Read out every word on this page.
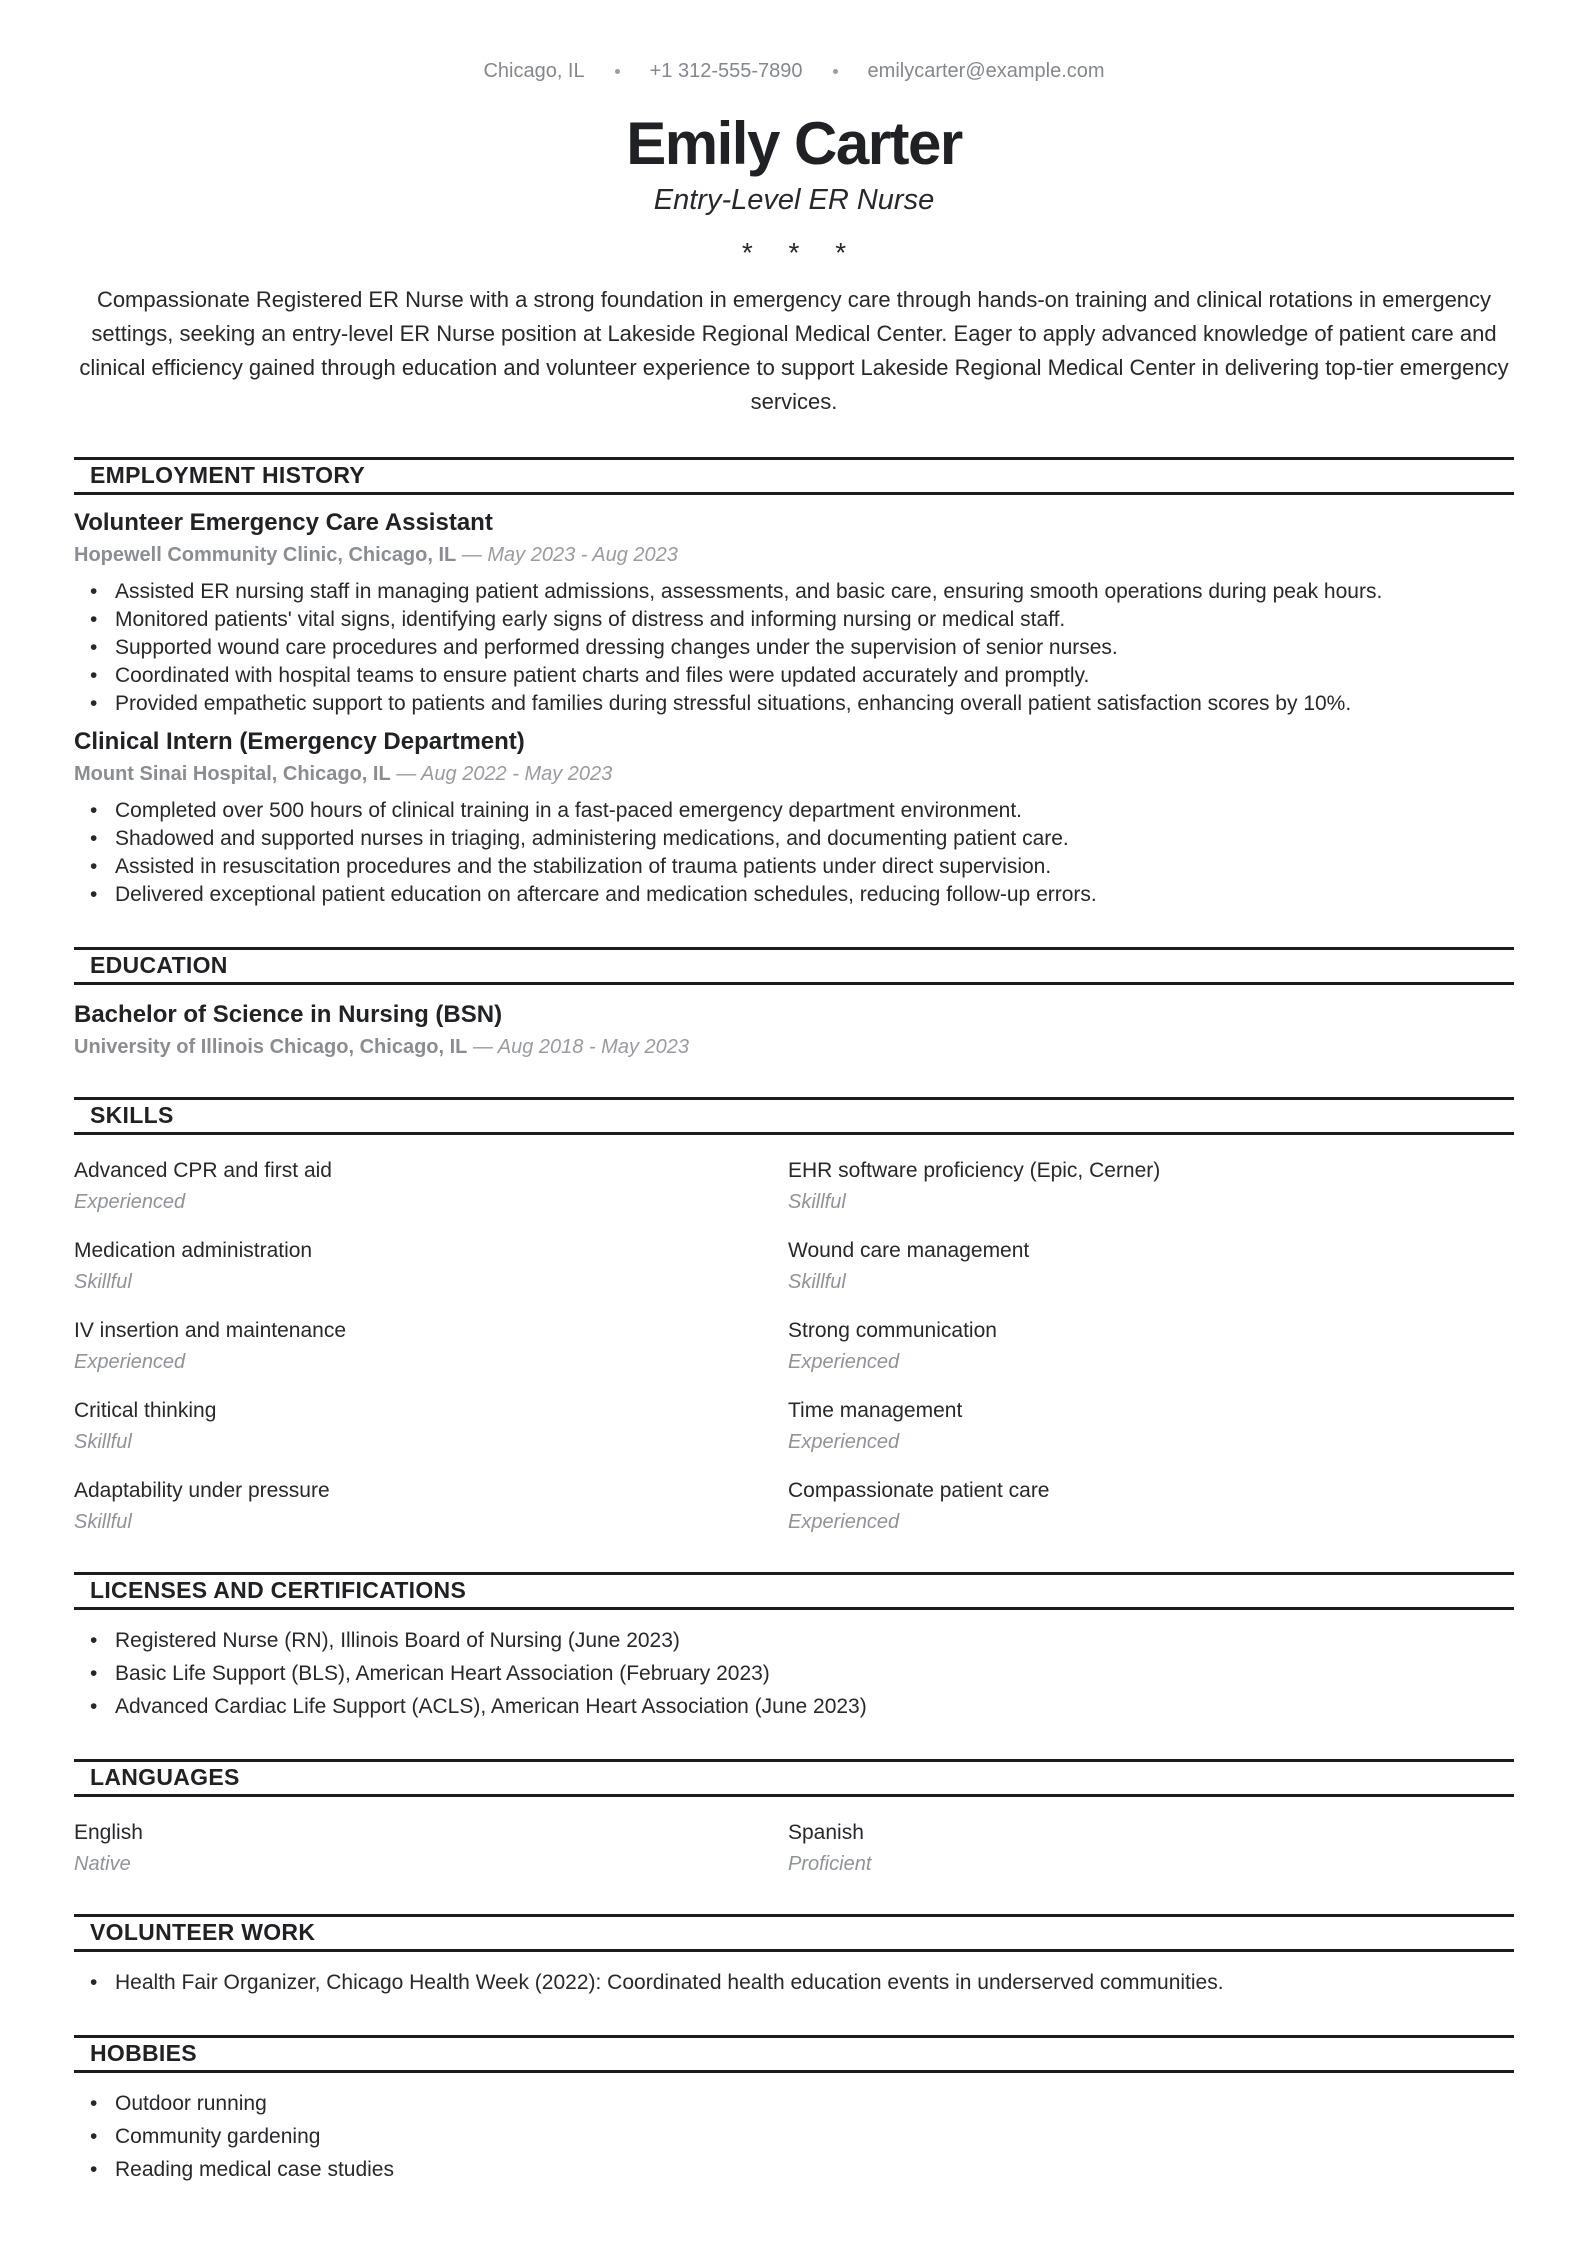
Chicago, IL	+1 312-555-7890	emilycarter@example.com
Emily Carter
Entry-Level ER Nurse
* * *

Compassionate Registered ER Nurse with a strong foundation in emergency care through hands-on training and clinical rotations in emergency settings, seeking an entry-level ER Nurse position at Lakeside Regional Medical Center. Eager to apply advanced knowledge of patient care and clinical efficiency gained through education and volunteer experience to support Lakeside Regional Medical Center in delivering top-tier emergency services.

EMPLOYMENT HISTORY
Volunteer Emergency Care Assistant
Hopewell Community Clinic, Chicago, IL — May 2023 - Aug 2023
• Assisted ER nursing staff in managing patient admissions, assessments, and basic care, ensuring smooth operations during peak hours.
• Monitored patients' vital signs, identifying early signs of distress and informing nursing or medical staff.
• Supported wound care procedures and performed dressing changes under the supervision of senior nurses.
• Coordinated with hospital teams to ensure patient charts and files were updated accurately and promptly.
• Provided empathetic support to patients and families during stressful situations, enhancing overall patient satisfaction scores by 10%.
Clinical Intern (Emergency Department)
Mount Sinai Hospital, Chicago, IL — Aug 2022 - May 2023
• Completed over 500 hours of clinical training in a fast-paced emergency department environment.
• Shadowed and supported nurses in triaging, administering medications, and documenting patient care.
• Assisted in resuscitation procedures and the stabilization of trauma patients under direct supervision.
• Delivered exceptional patient education on aftercare and medication schedules, reducing follow-up errors.
EDUCATION
Bachelor of Science in Nursing (BSN)
University of Illinois Chicago, Chicago, IL — Aug 2018 - May 2023
SKILLS
Advanced CPR and first aid
Experienced
EHR software proficiency (Epic, Cerner)
Skillful
Medication administration
Skillful
Wound care management
Skillful
IV insertion and maintenance
Experienced
Strong communication
Experienced
Critical thinking
Skillful
Time management
Experienced
Adaptability under pressure
Skillful
Compassionate patient care
Experienced
LICENSES AND CERTIFICATIONS
• Registered Nurse (RN), Illinois Board of Nursing (June 2023)
• Basic Life Support (BLS), American Heart Association (February 2023)
• Advanced Cardiac Life Support (ACLS), American Heart Association (June 2023)
LANGUAGES
English
Native
Spanish
Proficient
VOLUNTEER WORK
• Health Fair Organizer, Chicago Health Week (2022): Coordinated health education events in underserved communities.
HOBBIES
• Outdoor running
• Community gardening
• Reading medical case studies
